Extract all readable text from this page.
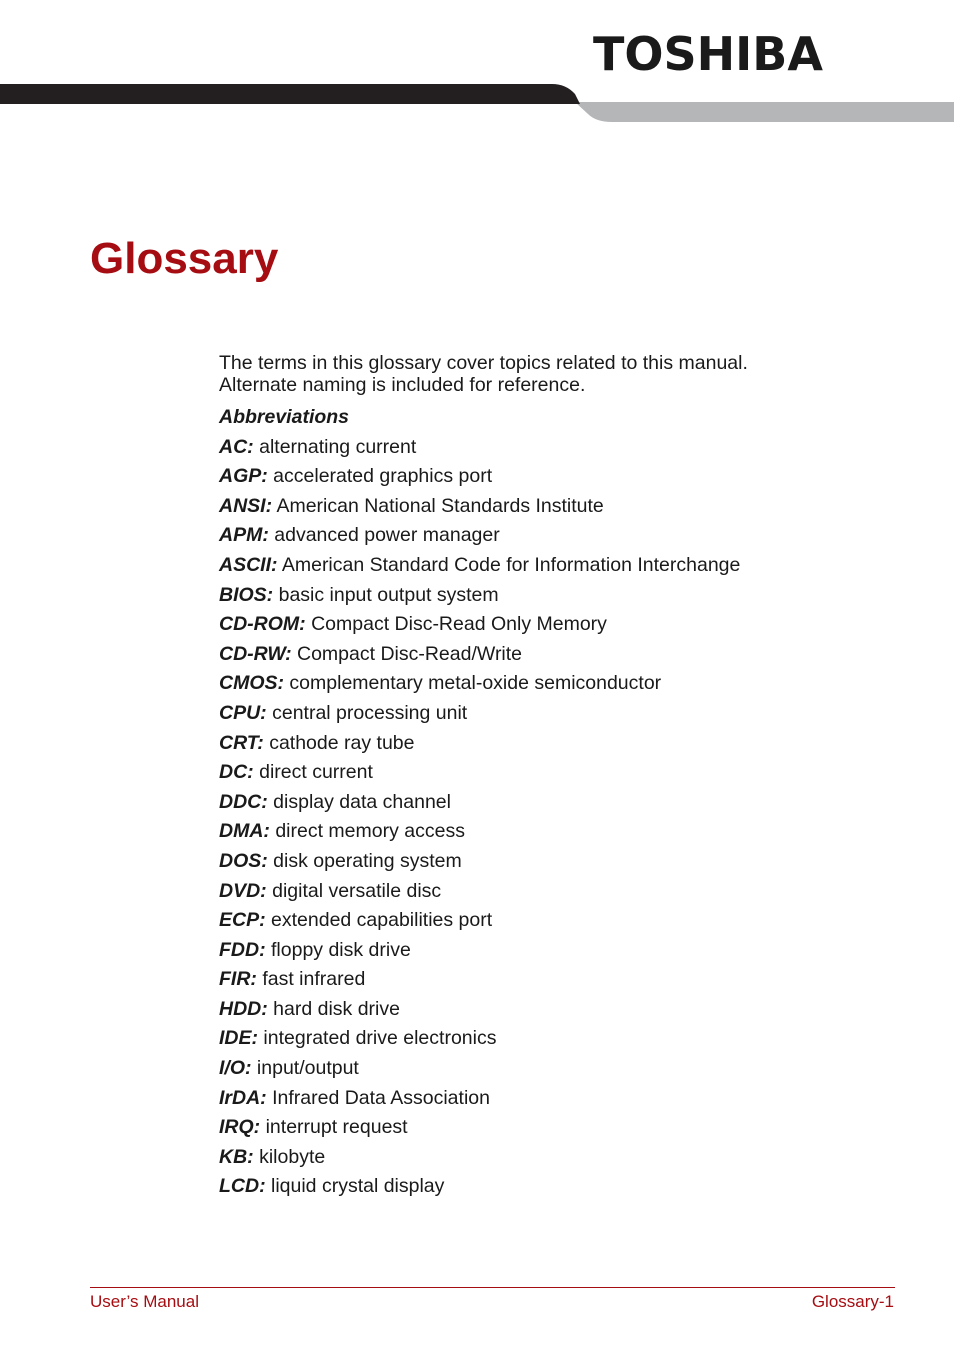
TOSHIBA
Glossary

The terms in this glossary cover topics related to this manual.
Alternate naming is included for reference.

Abbreviations

AC: alternating current

AGP: accelerated graphics port

ANSI: American National Standards Institute

APM: advanced power manager

ASCII: American Standard Code for Information Interchange

BIOS: basic input output system

CD-ROM: Compact Disc-Read Only Memory

CD-RW: Compact Disc-Read/Write

CMOS: complementary metal-oxide semiconductor

CPU: central processing unit

CRT: cathode ray tube

DC: direct current

DDC: display data channel

DMA: direct memory access

DOS: disk operating system

DVD: digital versatile disc

ECP: extended capabilities port

FDD: floppy disk drive

FIR: fast infrared

HDD: hard disk drive

IDE: integrated drive electronics

I/O: input/output

IrDA: Infrared Data Association

IRQ: interrupt request

KB: kilobyte

LCD: liquid crystal display

User’s Manual	Glossary-1
